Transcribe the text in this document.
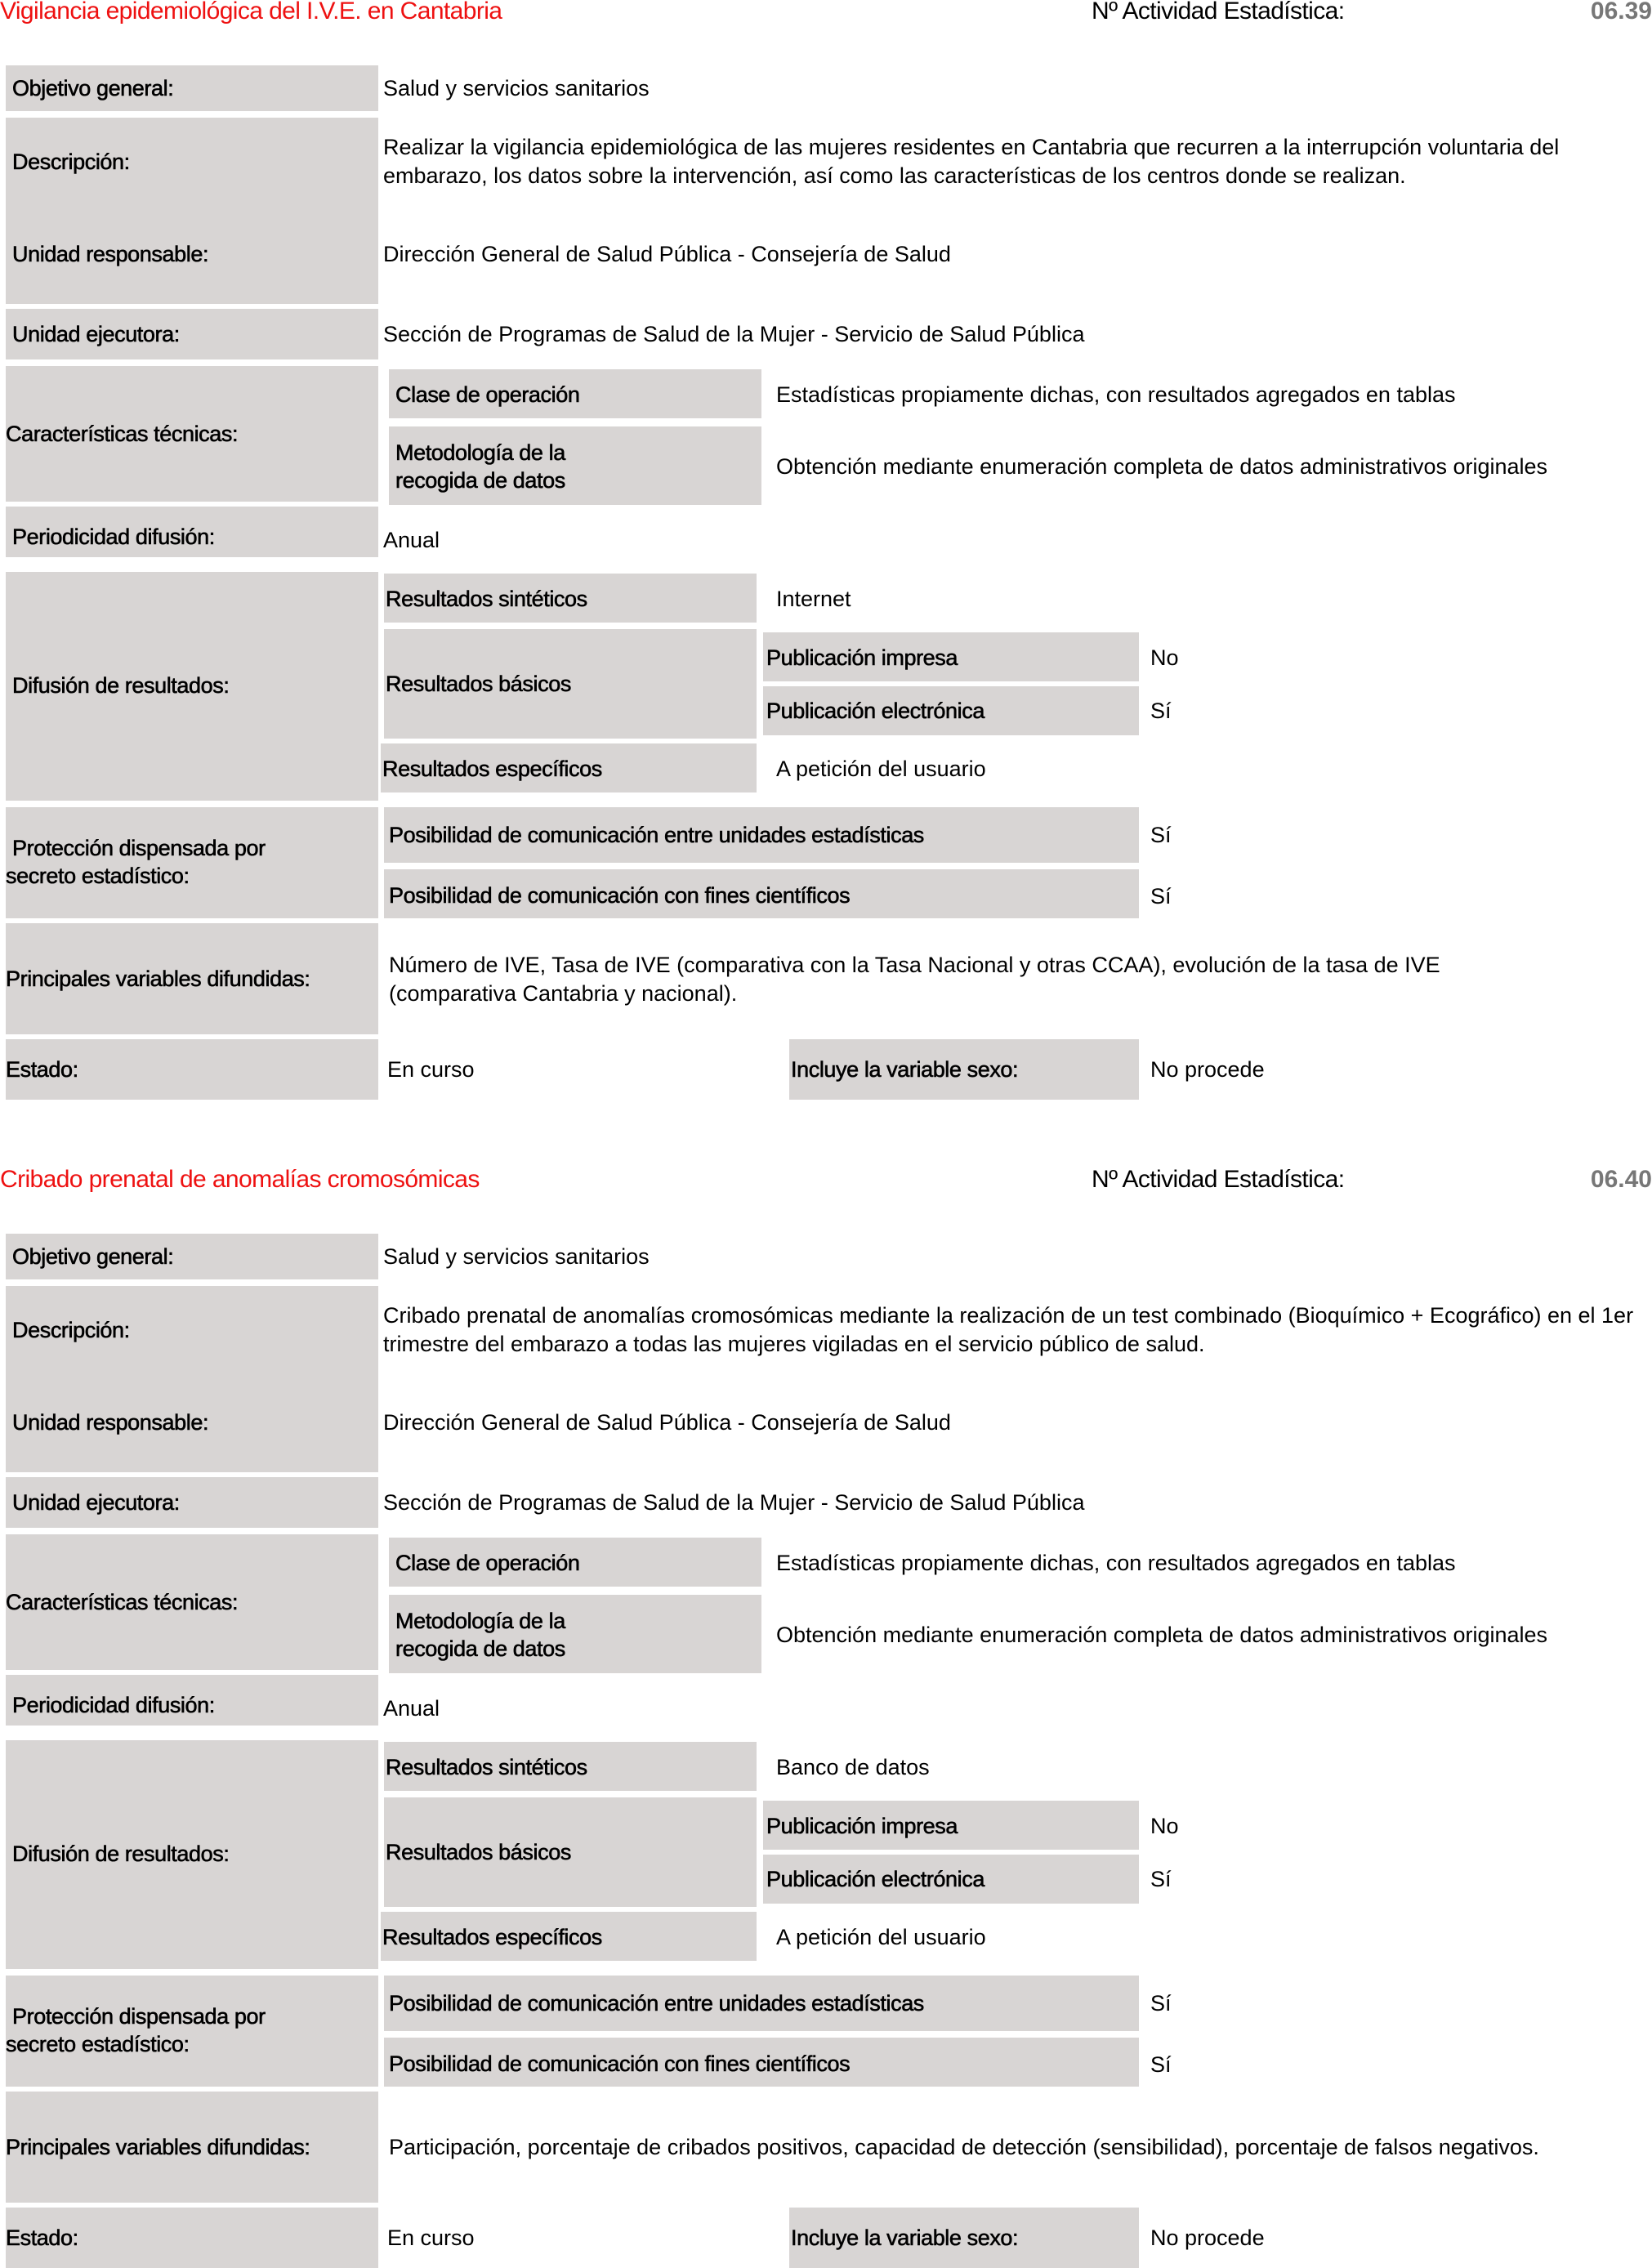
Vigilancia epidemiológica del I.V.E. en Cantabria	Nº Actividad Estadística:	06.39
Objetivo general:	Salud y servicios sanitarios
Descripción:
Realizar la vigilancia epidemiológica de las mujeres residentes en Cantabria que recurren a la interrupción voluntaria del embarazo, los datos sobre la intervención, así como las características de los centros donde se realizan.
Unidad responsable:	Dirección General de Salud Pública - Consejería de Salud
Unidad ejecutora:	Sección de Programas de Salud de la Mujer - Servicio de Salud Pública
Características técnicas:
Clase de operación	Estadísticas propiamente dichas, con resultados agregados en tablas
Metodología de la
recogida de datos
Obtención mediante enumeración completa de datos administrativos originales
Periodicidad difusión:	Anual
Difusión de resultados:
Resultados sintéticos	Internet
Resultados básicos
Publicación impresa	No
Publicación electrónica	Sí
Resultados específicos	A petición del usuario
Protección dispensada por
secreto estadístico:
Posibilidad de comunicación entre unidades estadísticas	Sí
Posibilidad de comunicación con fines científicos	Sí
Principales variables difundidas:
Número de IVE, Tasa de IVE (comparativa con la Tasa Nacional y otras CCAA), evolución de la tasa de IVE (comparativa Cantabria y nacional).
Estado:	En curso	Incluye la variable sexo:	No procede
Cribado prenatal de anomalías cromosómicas	Nº Actividad Estadística:	06.40
Objetivo general:	Salud y servicios sanitarios
Descripción:
Cribado prenatal de anomalías cromosómicas mediante la realización de un test combinado (Bioquímico + Ecográfico) en el 1er trimestre del embarazo a todas las mujeres vigiladas en el servicio público de salud.
Unidad responsable:	Dirección General de Salud Pública - Consejería de Salud
Unidad ejecutora:	Sección de Programas de Salud de la Mujer - Servicio de Salud Pública
Características técnicas:
Clase de operación	Estadísticas propiamente dichas, con resultados agregados en tablas
Metodología de la
recogida de datos
Obtención mediante enumeración completa de datos administrativos originales
Periodicidad difusión:	Anual
Difusión de resultados:
Resultados sintéticos	Banco de datos
Resultados básicos
Publicación impresa	No
Publicación electrónica	Sí
Resultados específicos	A petición del usuario
Protección dispensada por
secreto estadístico:
Posibilidad de comunicación entre unidades estadísticas	Sí
Posibilidad de comunicación con fines científicos	Sí
Principales variables difundidas:	Participación, porcentaje de cribados positivos, capacidad de detección (sensibilidad), porcentaje de falsos negativos.
Estado:	En curso	Incluye la variable sexo:	No procede
